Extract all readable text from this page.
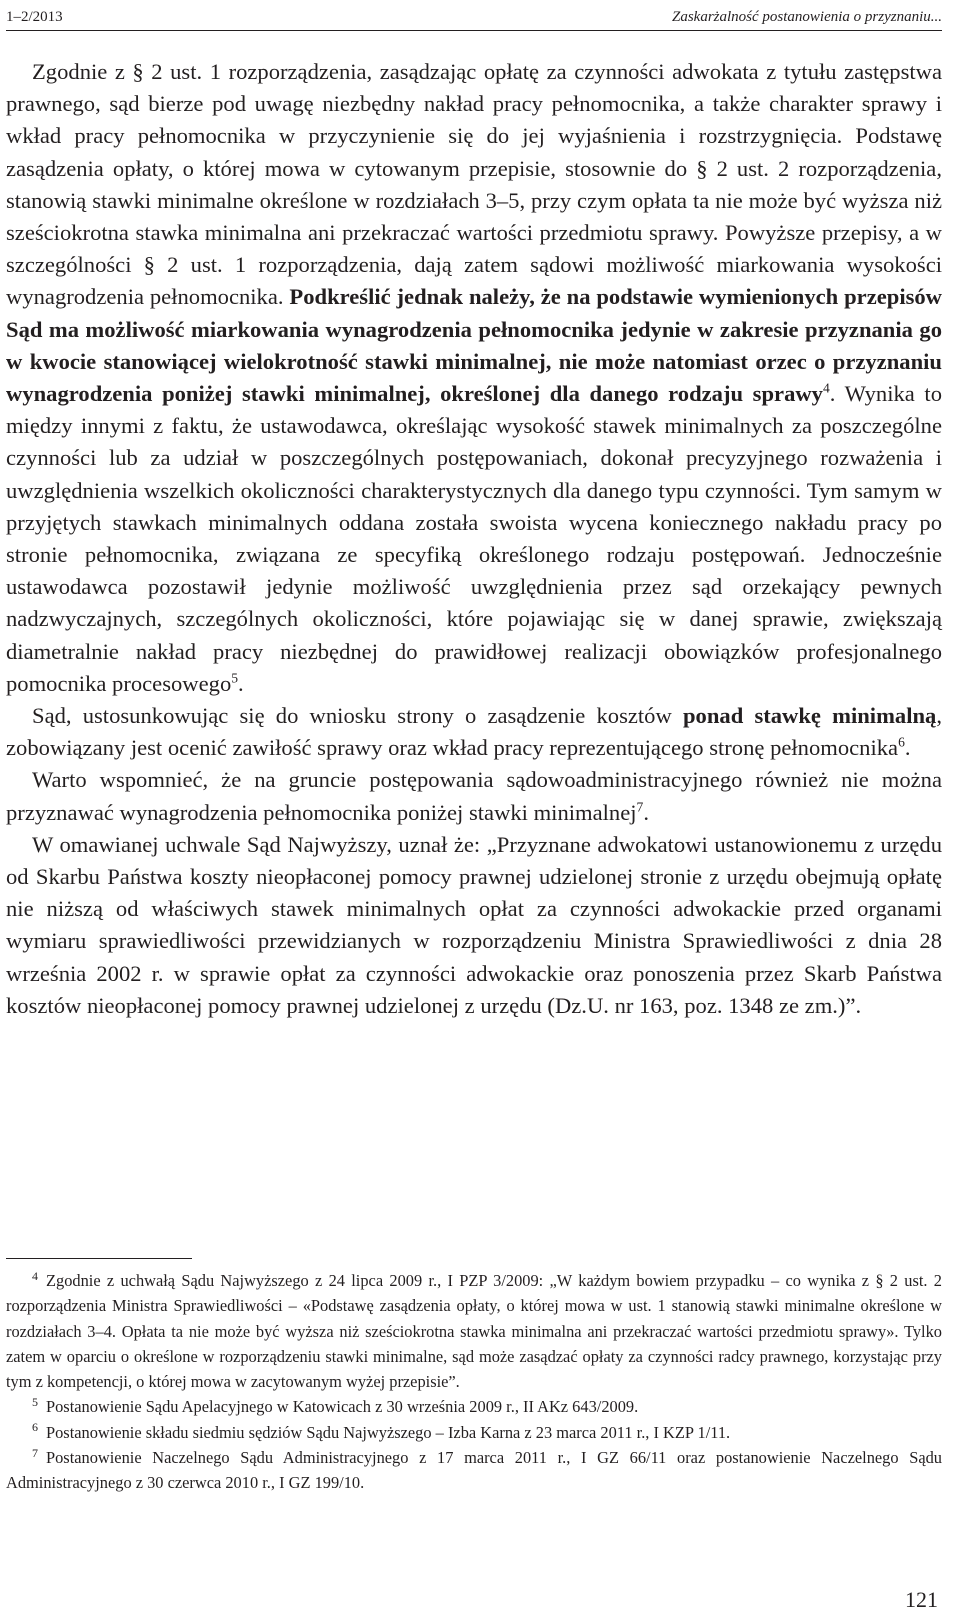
1–2/2013	Zaskarżalność postanowienia o przyznaniu...

Zgodnie z § 2 ust. 1 rozporządzenia, zasądzając opłatę za czynności adwokata z tytułu zastępstwa prawnego, sąd bierze pod uwagę niezbędny nakład pracy pełnomocnika, a także charakter sprawy i wkład pracy pełnomocnika w przyczynienie się do jej wyjaśnienia i rozstrzygnięcia. Podstawę zasądzenia opłaty, o której mowa w cytowanym przepisie, stosownie do § 2 ust. 2 rozporządzenia, stanowią stawki minimalne określone w rozdziałach 3–5, przy czym opłata ta nie może być wyższa niż sześciokrotna stawka minimalna ani przekraczać wartości przedmiotu sprawy. Powyższe przepisy, a w szczególności § 2 ust. 1 rozporządzenia, dają zatem sądowi możliwość miarkowania wysokości wynagrodzenia pełnomocnika. Podkreślić jednak należy, że na podstawie wymienionych przepisów Sąd ma możliwość miarkowania wynagrodzenia pełnomocnika jedynie w zakresie przyznania go w kwocie stanowiącej wielokrotność stawki minimalnej, nie może natomiast orzec o przyznaniu wynagrodzenia poniżej stawki minimalnej, określonej dla danego rodzaju sprawy$^4$. Wynika to między innymi z faktu, że ustawodawca, określając wysokość stawek minimalnych za poszczególne czynności lub za udział w poszczególnych postępowaniach, dokonał precyzyjnego rozważenia i uwzględnienia wszelkich okoliczności charakterystycznych dla danego typu czynności. Tym samym w przyjętych stawkach minimalnych oddana została swoista wycena koniecznego nakładu pracy po stronie pełnomocnika, związana ze specyfiką określonego rodzaju postępowań. Jednocześnie ustawodawca pozostawił jedynie możliwość uwzględnienia przez sąd orzekający pewnych nadzwyczajnych, szczególnych okoliczności, które pojawiając się w danej sprawie, zwiększają diametralnie nakład pracy niezbędnej do prawidłowej realizacji obowiązków profesjonalnego pomocnika procesowego$^5$.

Sąd, ustosunkowując się do wniosku strony o zasądzenie kosztów ponad stawkę minimalną, zobowiązany jest ocenić zawiłość sprawy oraz wkład pracy reprezentującego stronę pełnomocnika$^6$.

Warto wspomnieć, że na gruncie postępowania sądowoadministracyjnego również nie można przyznawać wynagrodzenia pełnomocnika poniżej stawki minimalnej$^7$.

W omawianej uchwale Sąd Najwyższy, uznał że: „Przyznane adwokatowi ustanowionemu z urzędu od Skarbu Państwa koszty nieopłaconej pomocy prawnej udzielonej stronie z urzędu obejmują opłatę nie niższą od właściwych stawek minimalnych opłat za czynności adwokackie przed organami wymiaru sprawiedliwości przewidzianych w rozporządzeniu Ministra Sprawiedliwości z dnia 28 września 2002 r. w sprawie opłat za czynności adwokackie oraz ponoszenia przez Skarb Państwa kosztów nieopłaconej pomocy prawnej udzielonej z urzędu (Dz.U. nr 163, poz. 1348 ze zm.)”.

$^4$ Zgodnie z uchwałą Sądu Najwyższego z 24 lipca 2009 r., I PZP 3/2009: „W każdym bowiem przypadku – co wynika z § 2 ust. 2 rozporządzenia Ministra Sprawiedliwości – «Podstawę zasądzenia opłaty, o której mowa w ust. 1 stanowią stawki minimalne określone w rozdziałach 3–4. Opłata ta nie może być wyższa niż sześciokrotna stawka minimalna ani przekraczać wartości przedmiotu sprawy». Tylko zatem w oparciu o określone w rozporządzeniu stawki minimalne, sąd może zasądzać opłaty za czynności radcy prawnego, korzystając przy tym z kompetencji, o której mowa w zacytowanym wyżej przepisie”.

$^5$ Postanowienie Sądu Apelacyjnego w Katowicach z 30 września 2009 r., II AKz 643/2009.

$^6$ Postanowienie składu siedmiu sędziów Sądu Najwyższego – Izba Karna z 23 marca 2011 r., I KZP 1/11.

$^7$ Postanowienie Naczelnego Sądu Administracyjnego z 17 marca 2011 r., I GZ 66/11 oraz postanowienie Naczelnego Sądu Administracyjnego z 30 czerwca 2010 r., I GZ 199/10.

121
